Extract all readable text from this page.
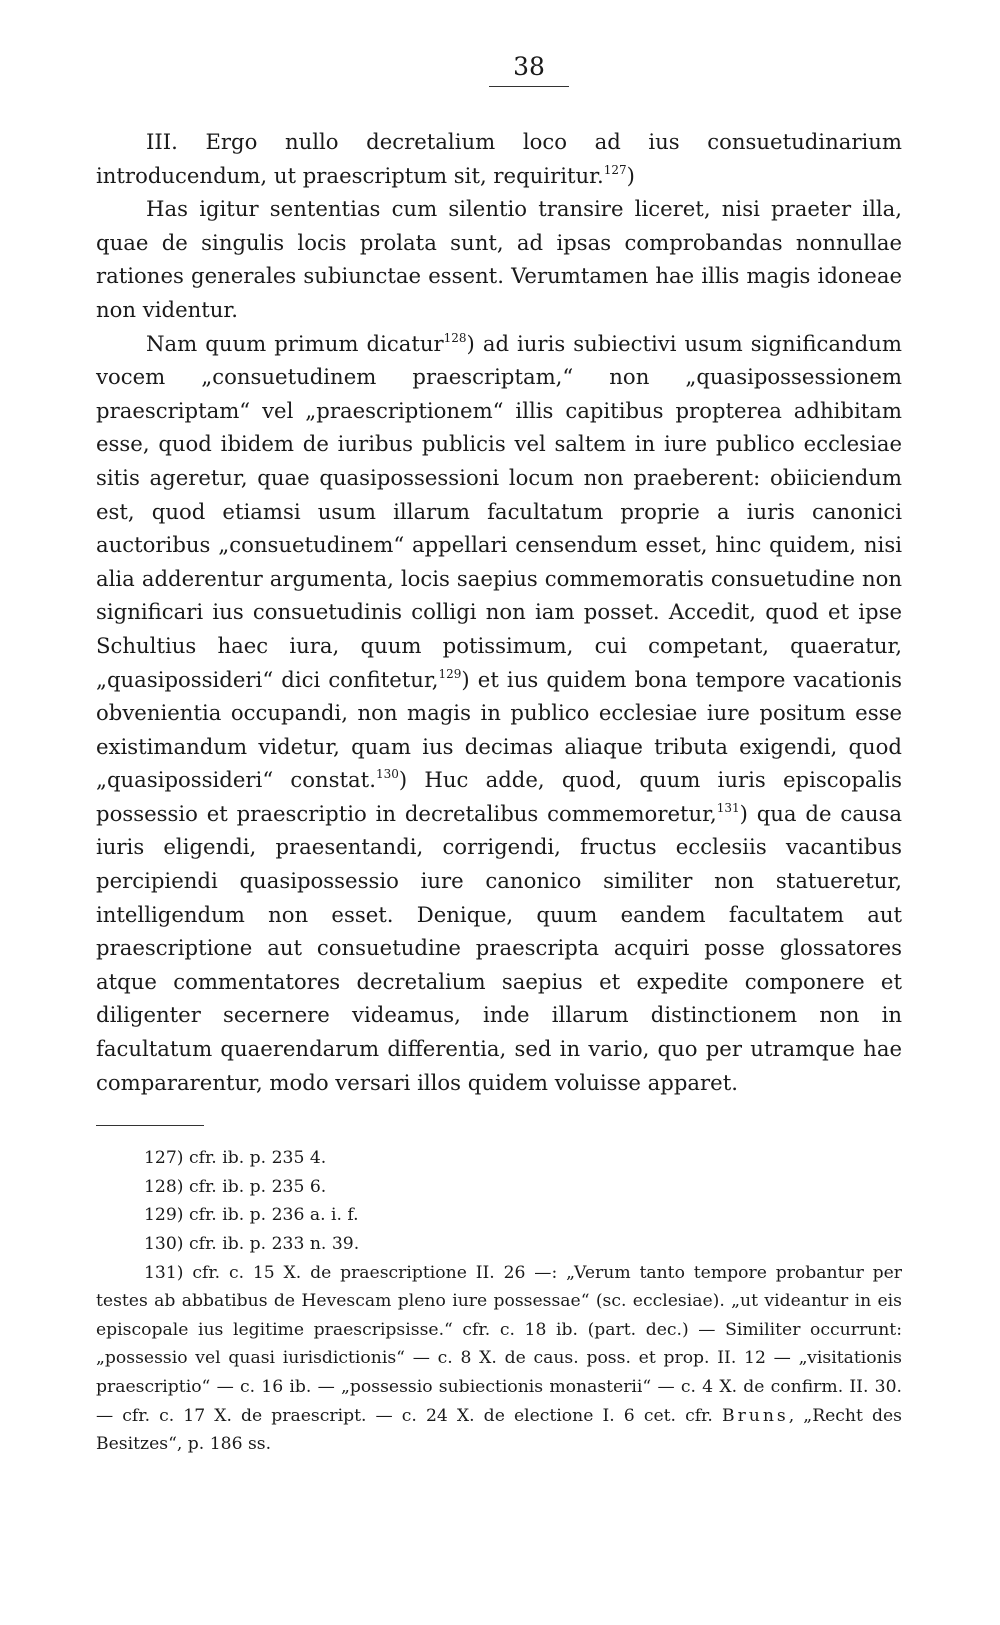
38

III. Ergo nullo decretalium loco ad ius consuetudinarium introducendum, ut praescriptum sit, requiritur.$^{127}$)

Has igitur sententias cum silentio transire liceret, nisi praeter illa, quae de singulis locis prolata sunt, ad ipsas comprobandas nonnullae rationes generales subiunctae essent. Verumtamen hae illis magis idoneae non videntur.

Nam quum primum dicatur$^{128}$) ad iuris subiectivi usum significandum vocem „consuetudinem praescriptam,“ non „quasipossessionem praescriptam“ vel „praescriptionem“ illis capitibus propterea adhibitam esse, quod ibidem de iuribus publicis vel saltem in iure publico ecclesiae sitis ageretur, quae quasipossessioni locum non praeberent: obiiciendum est, quod etiamsi usum illarum facultatum proprie a iuris canonici auctoribus „consuetudinem“ appellari censendum esset, hinc quidem, nisi alia adderentur argumenta, locis saepius commemoratis consuetudine non significari ius consuetudinis colligi non iam posset. Accedit, quod et ipse Schultius haec iura, quum potissimum, cui competant, quaeratur, „quasipossideri“ dici confitetur,$^{129}$) et ius quidem bona tempore vacationis obvenientia occupandi, non magis in publico ecclesiae iure positum esse existimandum videtur, quam ius decimas aliaque tributa exigendi, quod „quasipossideri“ constat.$^{130}$) Huc adde, quod, quum iuris episcopalis possessio et praescriptio in decretalibus commemoretur,$^{131}$) qua de causa iuris eligendi, praesentandi, corrigendi, fructus ecclesiis vacantibus percipiendi quasipossessio iure canonico similiter non statueretur, intelligendum non esset. Denique, quum eandem facultatem aut praescriptione aut consuetudine praescripta acquiri posse glossatores atque commentatores decretalium saepius et expedite componere et diligenter secernere videamus, inde illarum distinctionem non in facultatum quaerendarum differentia, sed in vario, quo per utramque hae compararentur, modo versari illos quidem voluisse apparet.

127) cfr. ib. p. 235 4.
128) cfr. ib. p. 235 6.
129) cfr. ib. p. 236 a. i. f.
130) cfr. ib. p. 233 n. 39.
131) cfr. c. 15 X. de praescriptione II. 26 —: „Verum tanto tempore probantur per testes ab abbatibus de Hevescam pleno iure possessae“ (sc. ecclesiae). „ut videantur in eis episcopale ius legitime praescripsisse.“ cfr. c. 18 ib. (part. dec.) — Similiter occurrunt: „possessio vel quasi iurisdictionis“ — c. 8 X. de caus. poss. et prop. II. 12 — „visitationis praescriptio“ — c. 16 ib. — „possessio subiectionis monasterii“ — c. 4 X. de confirm. II. 30. — cfr. c. 17 X. de praescript. — c. 24 X. de electione I. 6 cet. cfr. Bruns, „Recht des Besitzes“, p. 186 ss.
